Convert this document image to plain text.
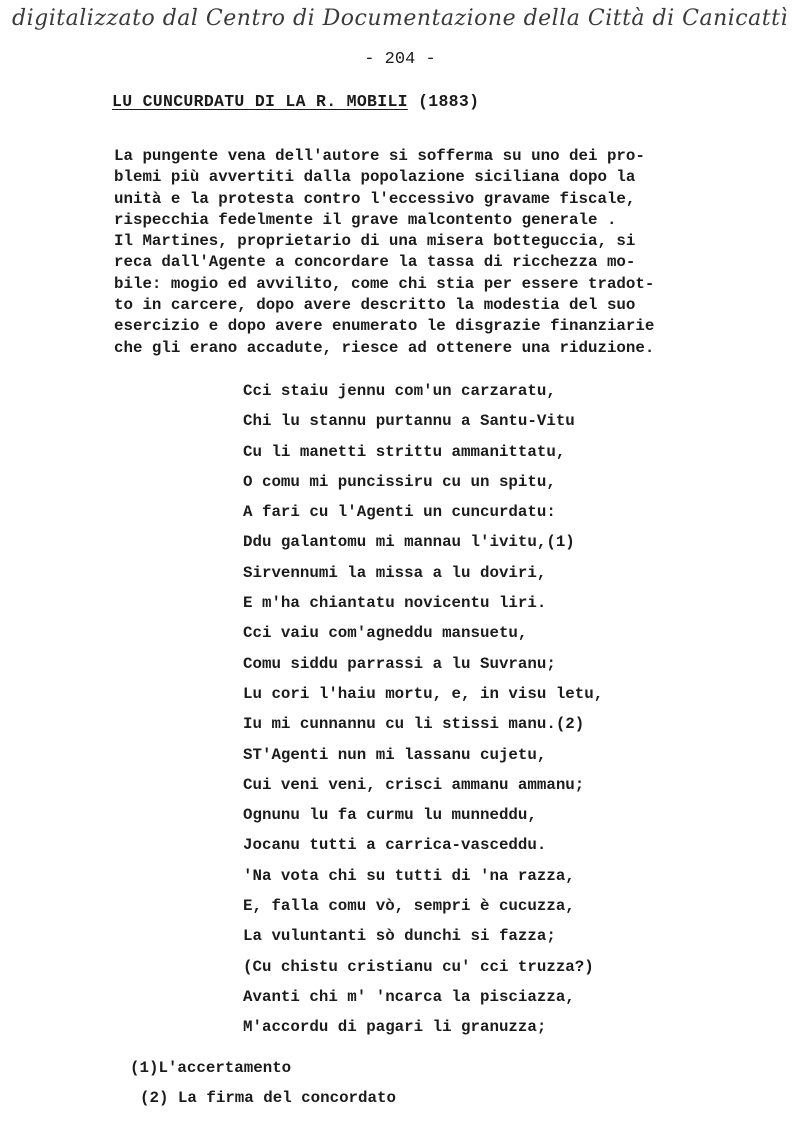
digitalizzato dal Centro di Documentazione della Città di Canicattì
- 204 -
LU CUNCURDATU DI LA R. MOBILI (1883)
La pungente vena dell'autore si sofferma su uno dei pro-
blemi più avvertiti dalla popolazione siciliana dopo la
unità e la protesta contro l'eccessivo gravame fiscale,
rispecchia fedelmente il grave malcontento generale .
Il Martines, proprietario di una misera botteguccia, si
reca dall'Agente a concordare la tassa di ricchezza mo-
bile: mogio ed avvilito, come chi stia per essere tradot-
to in carcere, dopo avere descritto la modestia del suo
esercizio e dopo avere enumerato le disgrazie finanziarie
che gli erano accadute, riesce ad ottenere una riduzione.
Cci staiu jennu com'un carzaratu,
Chi lu stannu purtannu a Santu-Vitu
Cu li manetti strittu ammanittatu,
O comu mi puncissiru cu un spitu,
A fari cu l'Agenti un cuncurdatu:
Ddu galantomu mi mannau l'ivitu,(1)
Sirvennumi la missa a lu doviri,
E m'ha chiantatu novicentu liri.
Cci vaiu com'agneddu mansuetu,
Comu siddu parrassi a lu Suvranu;
Lu cori l'haiu mortu, e, in visu letu,
Iu mi cunnannu cu li stissi manu.(2)
ST'Agenti nun mi lassanu cujetu,
Cui veni veni, crisci ammanu ammanu;
Ognunu lu fa curmu lu munneddu,
Jocanu tutti a carrica-vasceddu.
'Na vota chi su tutti di 'na razza,
E, falla comu vò, sempri è cucuzza,
La vuluntanti sò dunchi si fazza;
(Cu chistu cristianu cu' cci truzza?)
Avanti chi m' 'ncarca la pisciazza,
M'accordu di pagari li granuzza;
(1)L'accertamento
(2) La firma del concordato
